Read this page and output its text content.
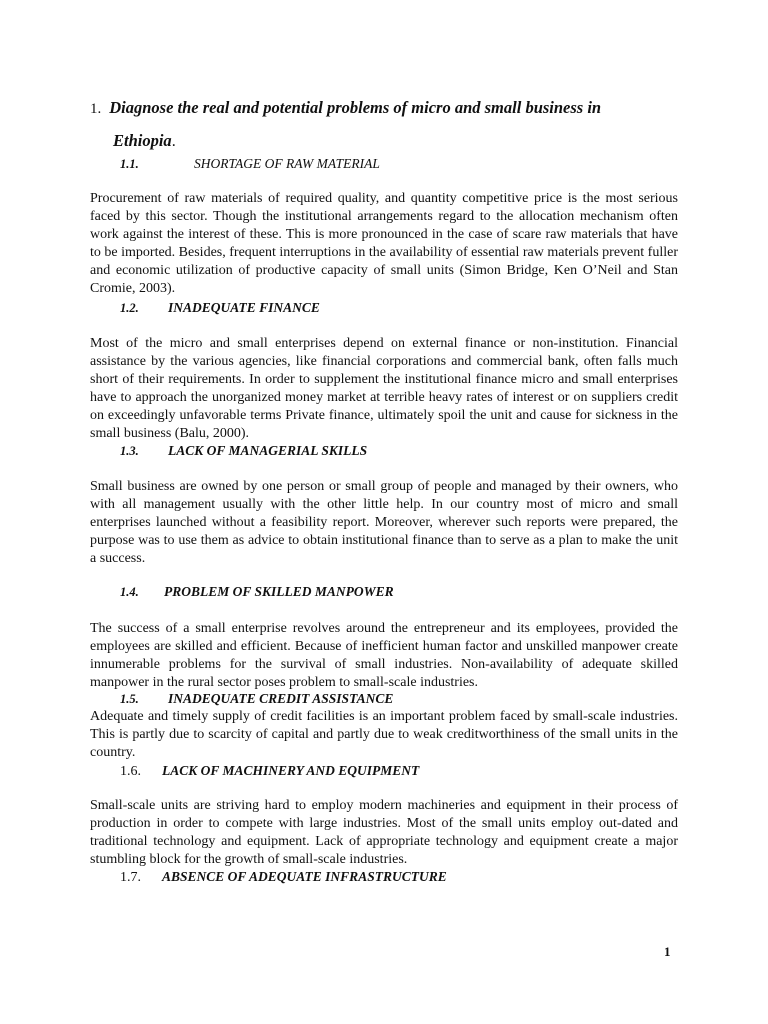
1. Diagnose the real and potential problems of micro and small business in
Ethiopia.
1.1.	SHORTAGE OF RAW MATERIAL

Procurement of raw materials of required quality, and quantity competitive price is the most serious faced by this sector. Though the institutional arrangements regard to the allocation mechanism often work against the interest of these. This is more pronounced in the case of scare raw materials that have to be imported. Besides, frequent interruptions in the availability of essential raw materials prevent fuller and economic utilization of productive capacity of small units (Simon Bridge, Ken O’Neil and Stan Cromie, 2003).

1.2. INADEQUATE FINANCE

Most of the micro and small enterprises depend on external finance or non-institution. Financial assistance by the various agencies, like financial corporations and commercial bank, often falls much short of their requirements. In order to supplement the institutional finance micro and small enterprises have to approach the unorganized money market at terrible heavy rates of interest or on suppliers credit on exceedingly unfavorable terms Private finance, ultimately spoil the unit and cause for sickness in the small business (Balu, 2000).

1.3. LACK OF MANAGERIAL SKILLS

Small business are owned by one person or small group of people and managed by their owners, who with all management usually with the other little help. In our country most of micro and small enterprises launched without a feasibility report. Moreover, wherever such reports were prepared, the purpose was to use them as advice to obtain institutional finance than to serve as a plan to make the unit a success.

1.4. PROBLEM OF SKILLED MANPOWER

The success of a small enterprise revolves around the entrepreneur and its employees, provided the employees are skilled and efficient. Because of inefficient human factor and unskilled manpower create innumerable problems for the survival of small industries. Non-availability of adequate skilled manpower in the rural sector poses problem to small-scale industries.

1.5. INADEQUATE CREDIT ASSISTANCE

Adequate and timely supply of credit facilities is an important problem faced by small-scale industries. This is partly due to scarcity of capital and partly due to weak creditworthiness of the small units in the country.

1.6. LACK OF MACHINERY AND EQUIPMENT

Small-scale units are striving hard to employ modern machineries and equipment in their process of production in order to compete with large industries. Most of the small units employ out-dated and traditional technology and equipment. Lack of appropriate technology and equipment create a major stumbling block for the growth of small-scale industries.

1.7. ABSENCE OF ADEQUATE INFRASTRUCTURE
1
